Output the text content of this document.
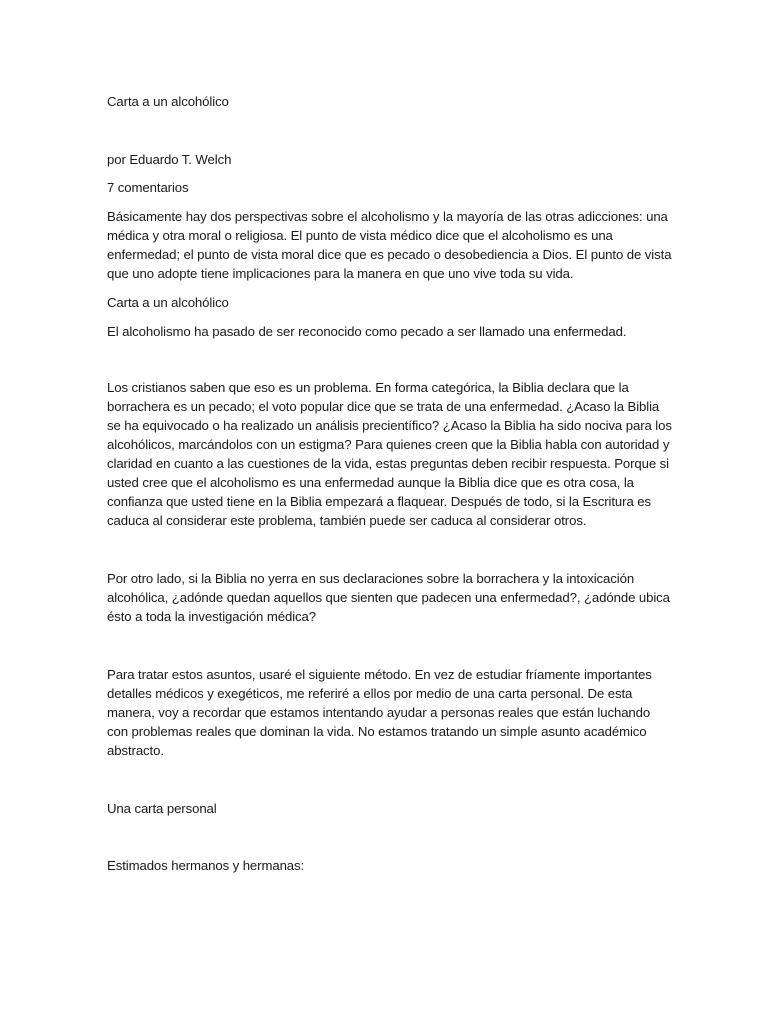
Carta a un alcohólico
por Eduardo T. Welch
7 comentarios
Básicamente hay dos perspectivas sobre el alcoholismo y la mayoría de las otras adicciones: una médica y otra moral o religiosa. El punto de vista médico dice que el alcoholismo es una enfermedad; el punto de vista moral dice que es pecado o desobediencia a Dios. El punto de vista que uno adopte tiene implicaciones para la manera en que uno vive toda su vida.
Carta a un alcohólico
El alcoholismo ha pasado de ser reconocido como pecado a ser llamado una enfermedad.
Los cristianos saben que eso es un problema. En forma categórica, la Biblia declara que la borrachera es un pecado; el voto popular dice que se trata de una enfermedad. ¿Acaso la Biblia se ha equivocado o ha realizado un análisis precientífico? ¿Acaso la Biblia ha sido nociva para los alcohólicos, marcándolos con un estigma? Para quienes creen que la Biblia habla con autoridad y claridad en cuanto a las cuestiones de la vida, estas preguntas deben recibir respuesta. Porque si usted cree que el alcoholismo es una enfermedad aunque la Biblia dice que es otra cosa, la confianza que usted tiene en la Biblia empezará a flaquear. Después de todo, si la Escritura es caduca al considerar este problema, también puede ser caduca al considerar otros.
Por otro lado, si la Biblia no yerra en sus declaraciones sobre la borrachera y la intoxicación alcohólica, ¿adónde quedan aquellos que sienten que padecen una enfermedad?, ¿adónde ubica ésto a toda la investigación médica?
Para tratar estos asuntos, usaré el siguiente método. En vez de estudiar fríamente importantes detalles médicos y exegéticos, me referiré a ellos por medio de una carta personal. De esta manera, voy a recordar que estamos intentando ayudar a personas reales que están luchando con problemas reales que dominan la vida. No estamos tratando un simple asunto académico abstracto.
Una carta personal
Estimados hermanos y hermanas:
